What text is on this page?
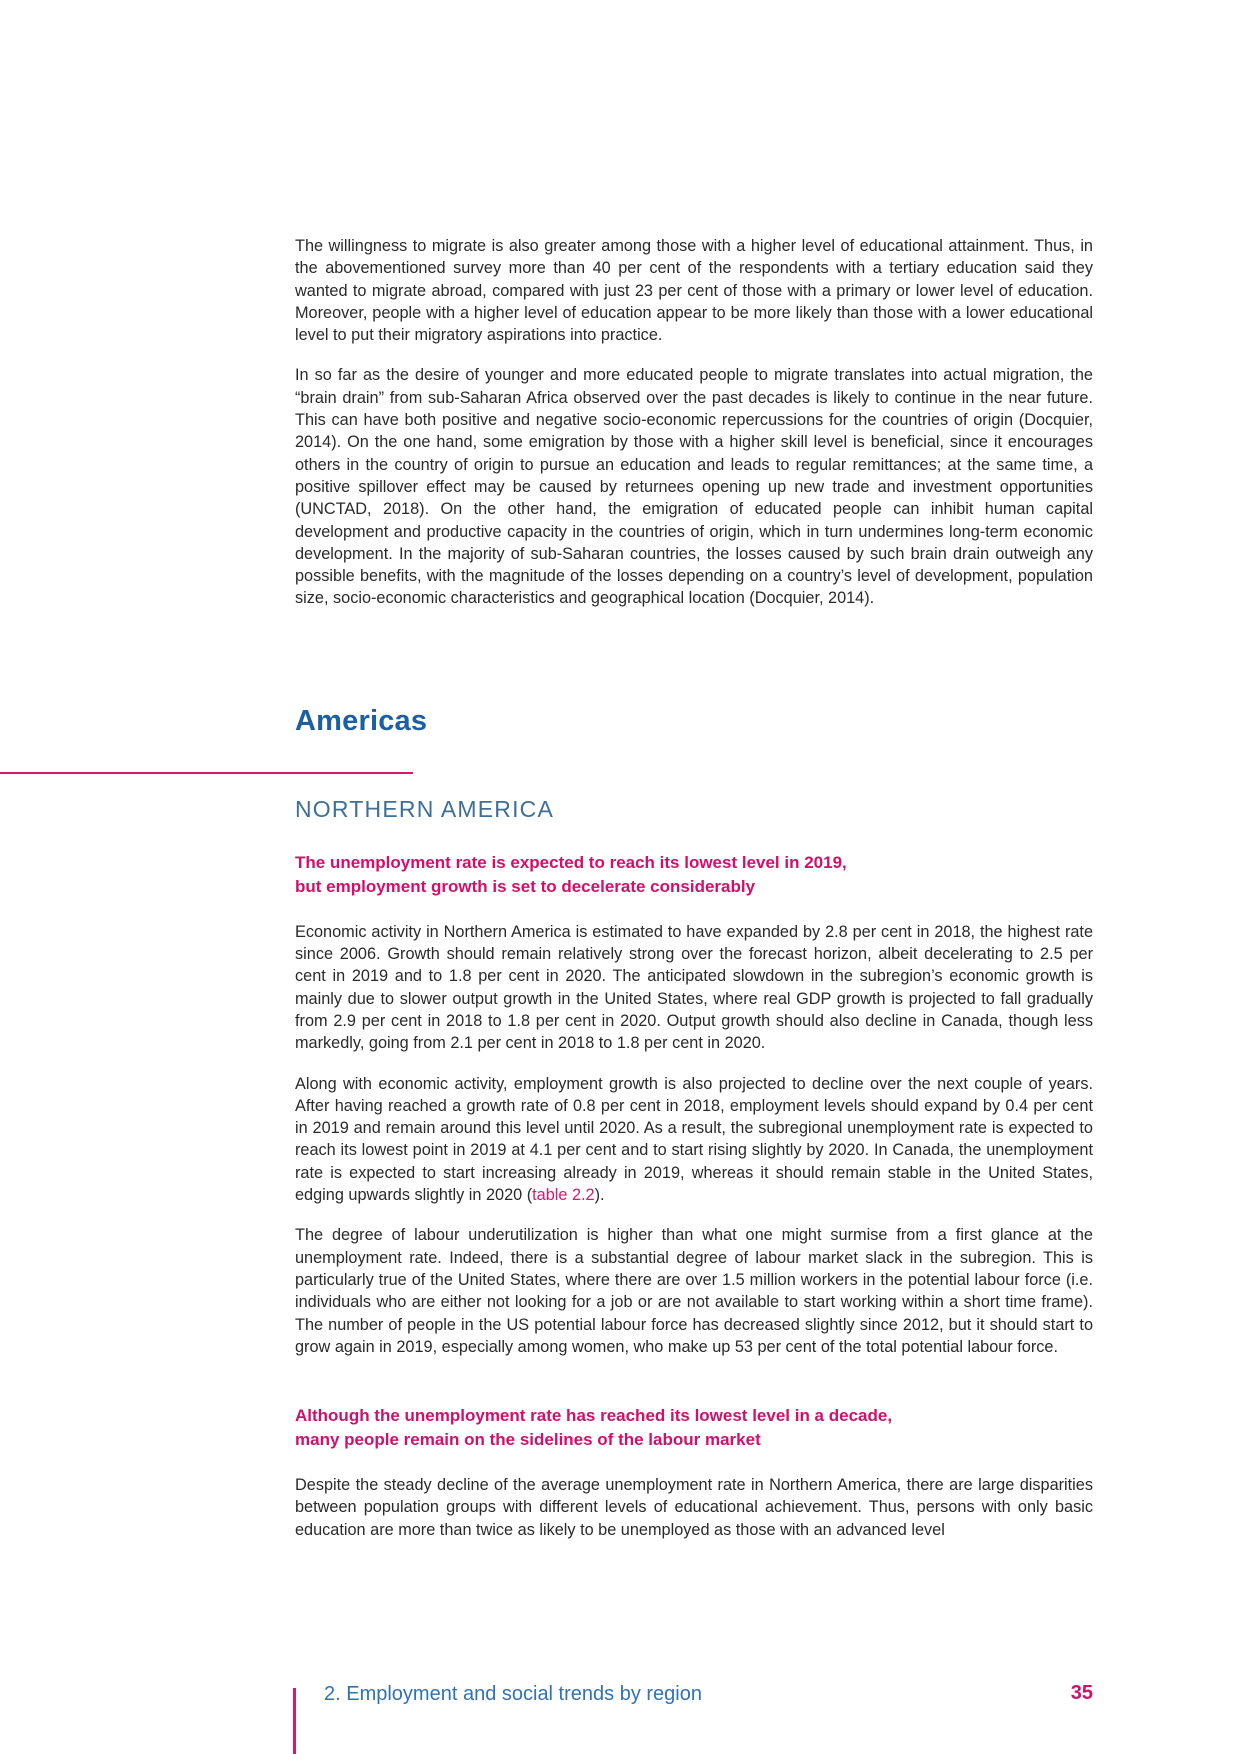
The willingness to migrate is also greater among those with a higher level of educational attainment. Thus, in the abovementioned survey more than 40 per cent of the respondents with a tertiary education said they wanted to migrate abroad, compared with just 23 per cent of those with a primary or lower level of education. Moreover, people with a higher level of education appear to be more likely than those with a lower educational level to put their migratory aspirations into practice.

In so far as the desire of younger and more educated people to migrate translates into actual migration, the “brain drain” from sub-Saharan Africa observed over the past decades is likely to continue in the near future. This can have both positive and negative socio-economic repercussions for the countries of origin (Docquier, 2014). On the one hand, some emigration by those with a higher skill level is beneficial, since it encourages others in the country of origin to pursue an education and leads to regular remittances; at the same time, a positive spillover effect may be caused by returnees opening up new trade and investment opportunities (UNCTAD, 2018). On the other hand, the emigration of educated people can inhibit human capital development and productive capacity in the countries of origin, which in turn undermines long-term economic development. In the majority of sub-Saharan countries, the losses caused by such brain drain outweigh any possible benefits, with the magnitude of the losses depending on a country’s level of development, population size, socio-economic characteristics and geographical location (Docquier, 2014).

Americas
NORTHERN AMERICA
The unemployment rate is expected to reach its lowest level in 2019,
but employment growth is set to decelerate considerably

Economic activity in Northern America is estimated to have expanded by 2.8 per cent in 2018, the highest rate since 2006. Growth should remain relatively strong over the forecast horizon, albeit decelerating to 2.5 per cent in 2019 and to 1.8 per cent in 2020. The anticipated slowdown in the subregion’s economic growth is mainly due to slower output growth in the United States, where real GDP growth is projected to fall gradually from 2.9 per cent in 2018 to 1.8 per cent in 2020. Output growth should also decline in Canada, though less markedly, going from 2.1 per cent in 2018 to 1.8 per cent in 2020.

Along with economic activity, employment growth is also projected to decline over the next couple of years. After having reached a growth rate of 0.8 per cent in 2018, employment levels should expand by 0.4 per cent in 2019 and remain around this level until 2020. As a result, the subregional unemployment rate is expected to reach its lowest point in 2019 at 4.1 per cent and to start rising slightly by 2020. In Canada, the unemployment rate is expected to start increasing already in 2019, whereas it should remain stable in the United States, edging upwards slightly in 2020 (table 2.2).

The degree of labour underutilization is higher than what one might surmise from a first glance at the unemployment rate. Indeed, there is a substantial degree of labour market slack in the subregion. This is particularly true of the United States, where there are over 1.5 million workers in the potential labour force (i.e. individuals who are either not looking for a job or are not available to start working within a short time frame). The number of people in the US potential labour force has decreased slightly since 2012, but it should start to grow again in 2019, especially among women, who make up 53 per cent of the total potential labour force.

Although the unemployment rate has reached its lowest level in a decade,
many people remain on the sidelines of the labour market

Despite the steady decline of the average unemployment rate in Northern America, there are large disparities between population groups with different levels of educational achievement. Thus, persons with only basic education are more than twice as likely to be unemployed as those with an advanced level

2. Employment and social trends by region	35
